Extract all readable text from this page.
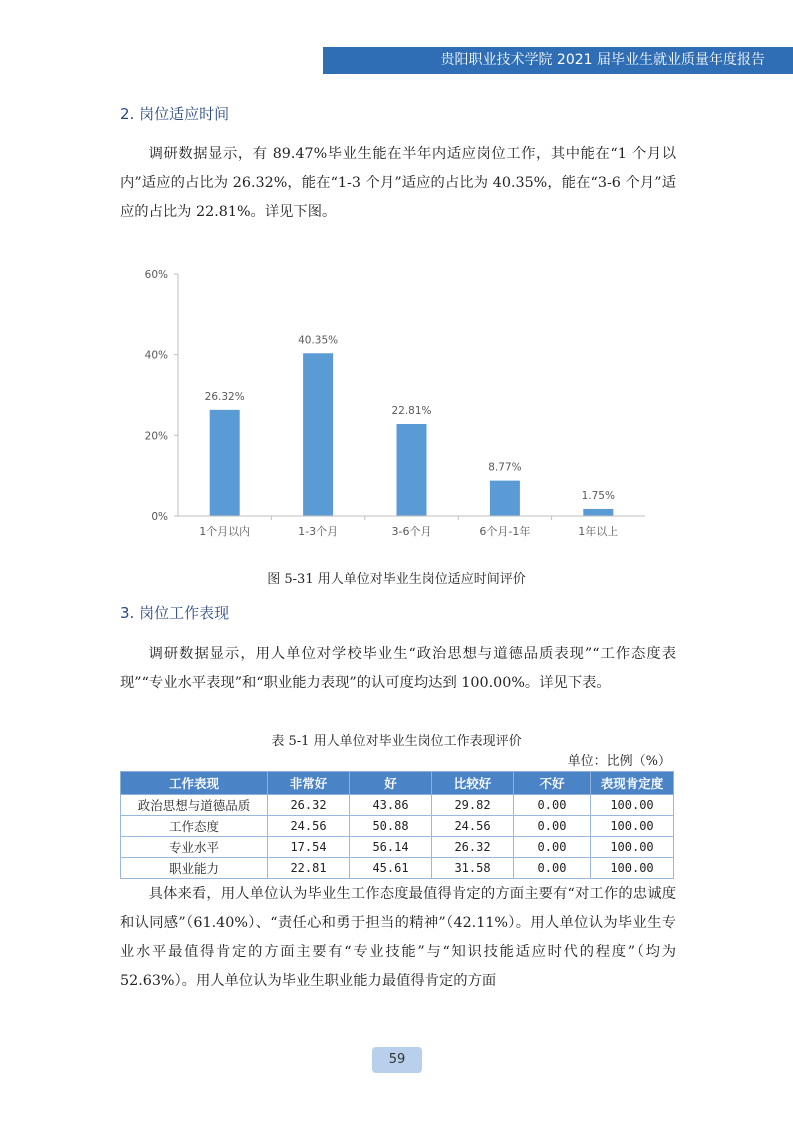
贵阳职业技术学院 2021 届毕业生就业质量年度报告
2. 岗位适应时间
调研数据显示，有 89.47%毕业生能在半年内适应岗位工作，其中能在“1 个月以内”适应的占比为 26.32%，能在“1-3 个月”适应的占比为 40.35%，能在“3-6 个月”适应的占比为 22.81%。详见下图。
0%
20%
40%
60%
26.32%
40.35%
22.81%
8.77%
1.75%
1个月以内	1-3个月	3-6个月	6个月-1年	1年以上
图 5-31 用人单位对毕业生岗位适应时间评价
3. 岗位工作表现
调研数据显示，用人单位对学校毕业生“政治思想与道德品质表现”“工作态度表现”“专业水平表现”和“职业能力表现”的认可度均达到 100.00%。详见下表。
表 5-1 用人单位对毕业生岗位工作表现评价
单位：比例（%）
工作表现	非常好	好	比较好	不好	表现肯定度
政治思想与道德品质	26.32	43.86	29.82	0.00	100.00
工作态度	24.56	50.88	24.56	0.00	100.00
专业水平	17.54	56.14	26.32	0.00	100.00
职业能力	22.81	45.61	31.58	0.00	100.00
具体来看，用人单位认为毕业生工作态度最值得肯定的方面主要有“对工作的忠诚度和认同感”（61.40%）、“责任心和勇于担当的精神”（42.11%）。用人单位认为毕业生专业水平最值得肯定的方面主要有“专业技能”与“知识技能适应时代的程度”（均为 52.63%）。用人单位认为毕业生职业能力最值得肯定的方面
59
